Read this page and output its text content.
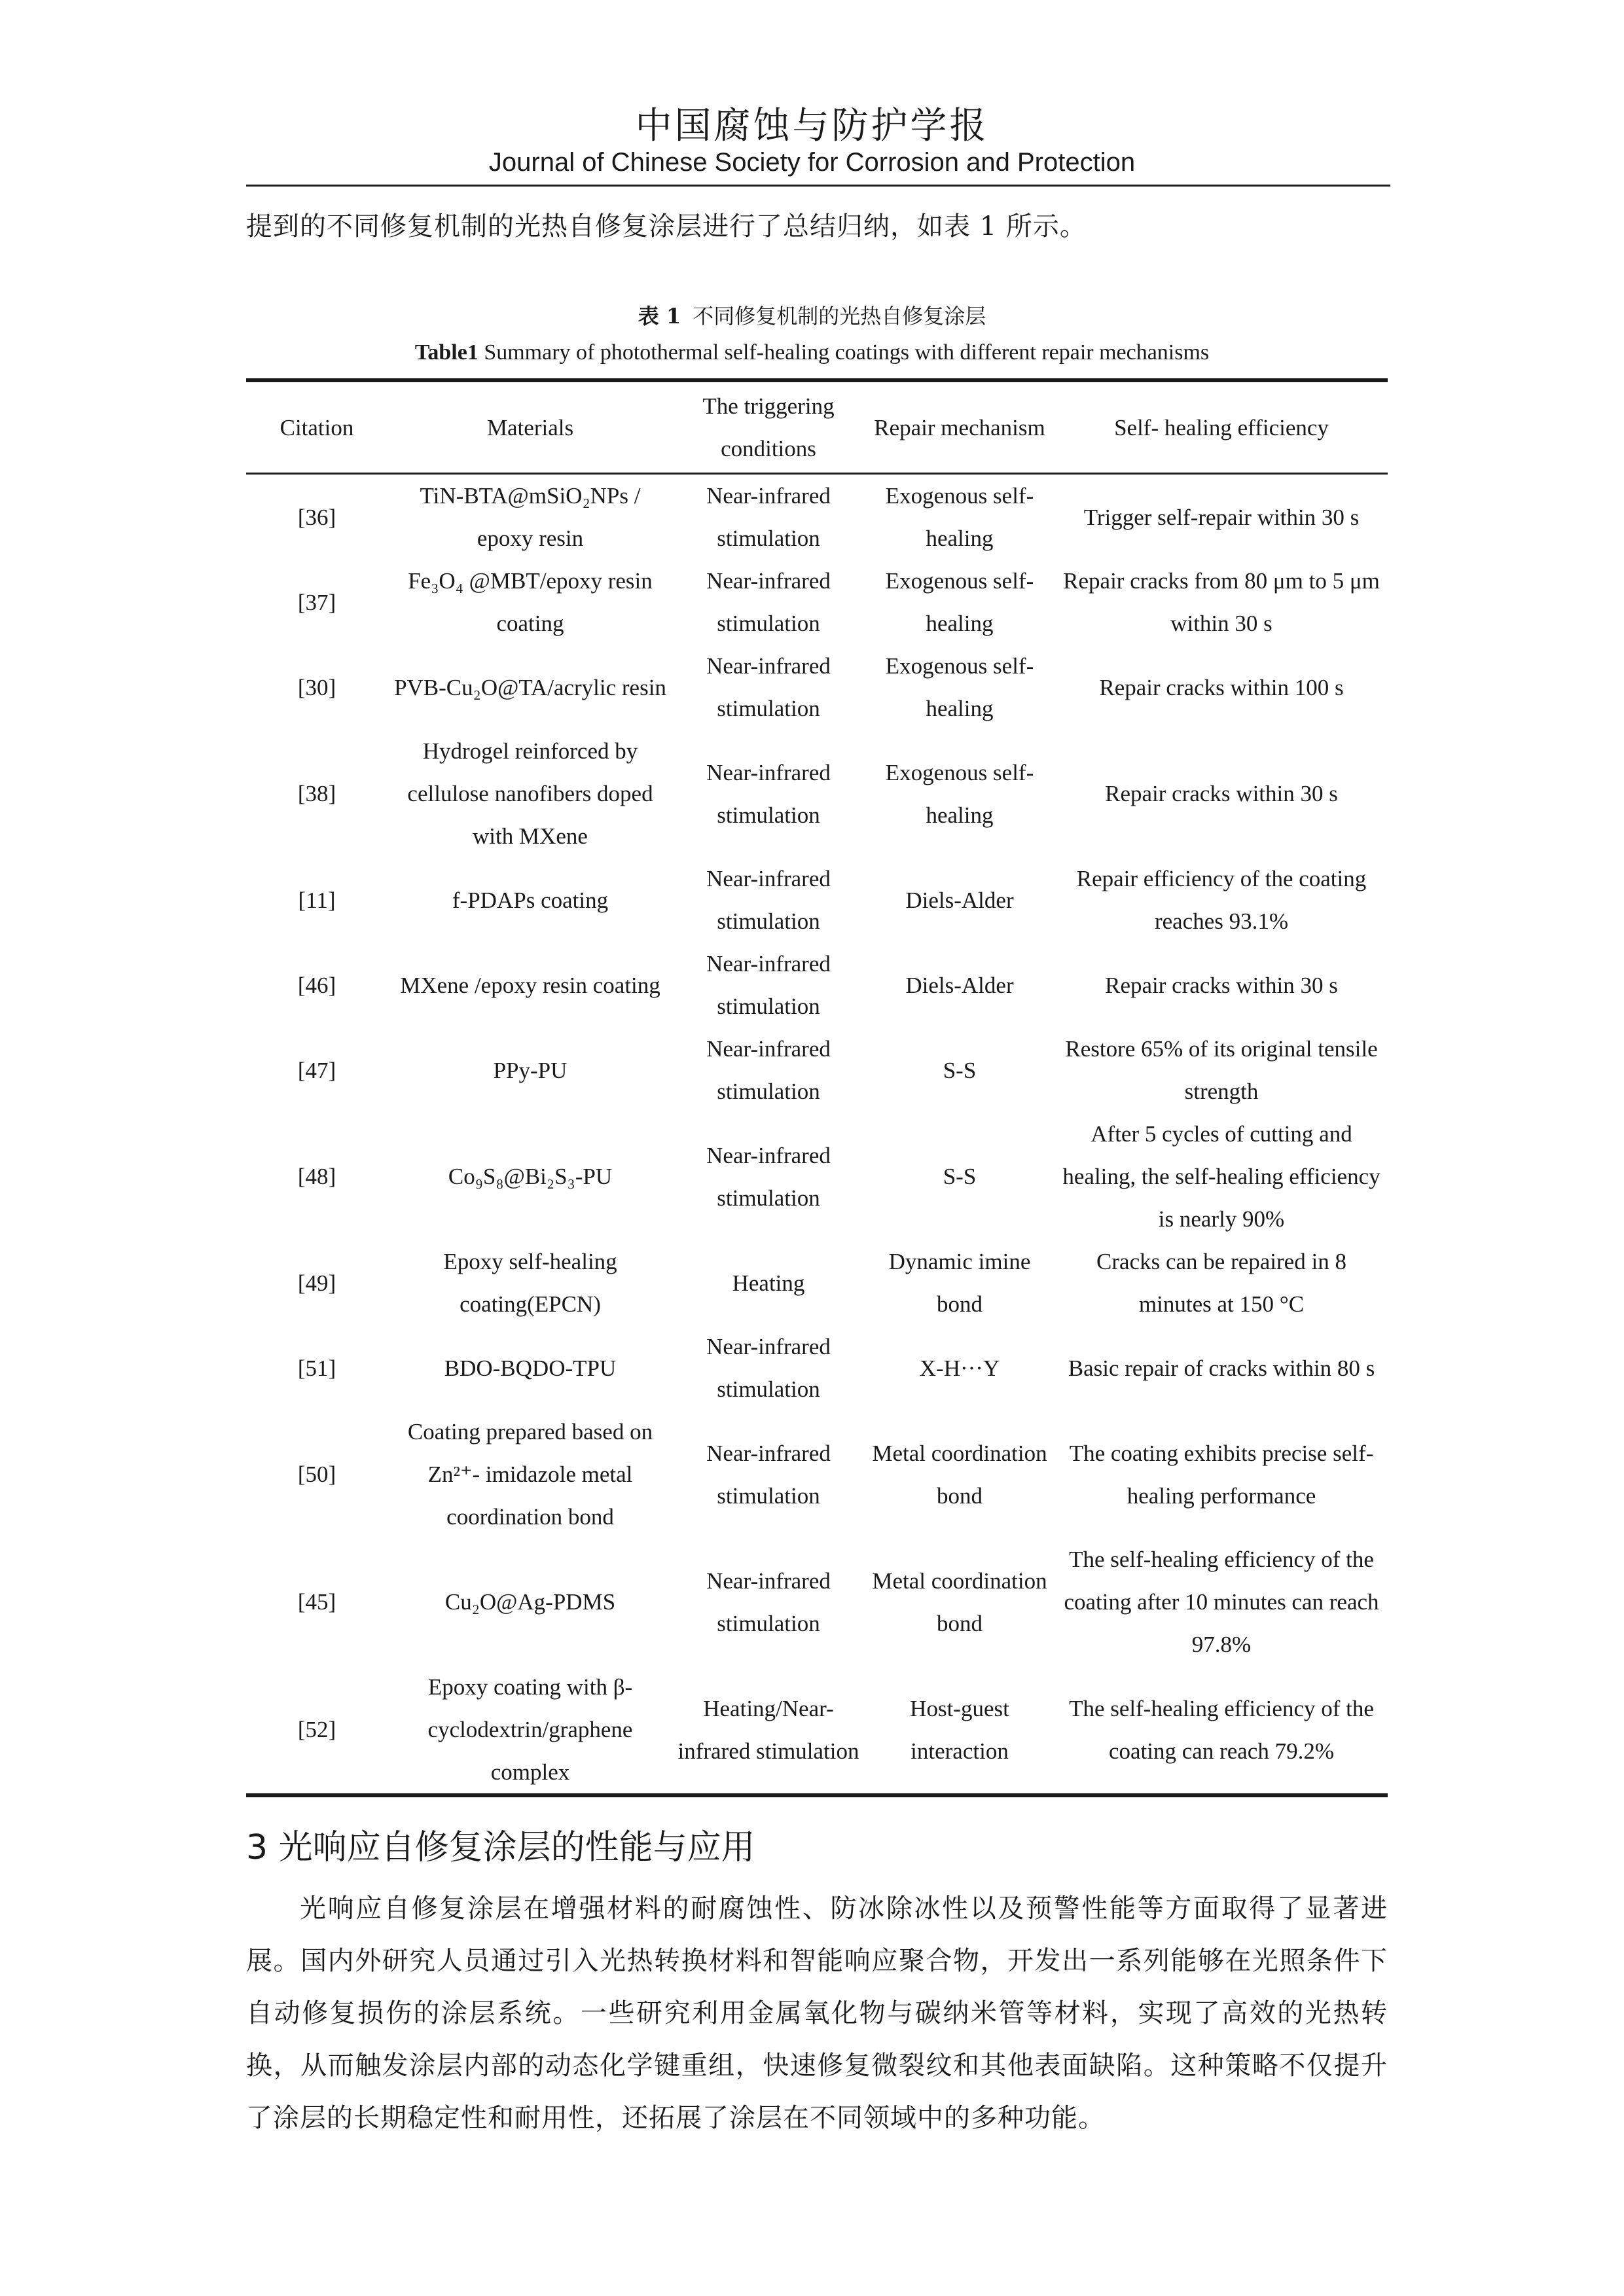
中国腐蚀与防护学报
Journal of Chinese Society for Corrosion and Protection
提到的不同修复机制的光热自修复涂层进行了总结归纳，如表 1 所示。
表 1 不同修复机制的光热自修复涂层
Table1 Summary of photothermal self-healing coatings with different repair mechanisms
Citation	Materials	The triggering conditions	Repair mechanism	Self- healing efficiency
[36]	TiN-BTA@mSiO₂NPs / epoxy resin	Near-infrared stimulation	Exogenous self-healing	Trigger self-repair within 30 s
[37]	Fe₃O₄ @MBT/epoxy resin coating	Near-infrared stimulation	Exogenous self-healing	Repair cracks from 80 μm to 5 μm within 30 s
[30]	PVB-Cu₂O@TA/acrylic resin	Near-infrared stimulation	Exogenous self-healing	Repair cracks within 100 s
[38]	Hydrogel reinforced by cellulose nanofibers doped with MXene	Near-infrared stimulation	Exogenous self-healing	Repair cracks within 30 s
[11]	f-PDAPs coating	Near-infrared stimulation	Diels-Alder	Repair efficiency of the coating reaches 93.1%
[46]	MXene /epoxy resin coating	Near-infrared stimulation	Diels-Alder	Repair cracks within 30 s
[47]	PPy-PU	Near-infrared stimulation	S-S	Restore 65% of its original tensile strength
[48]	Co₉S₈@Bi₂S₃-PU	Near-infrared stimulation	S-S	After 5 cycles of cutting and healing, the self-healing efficiency is nearly 90%
[49]	Epoxy self-healing coating(EPCN)	Heating	Dynamic imine bond	Cracks can be repaired in 8 minutes at 150 °C
[51]	BDO-BQDO-TPU	Near-infrared stimulation	X-H···Y	Basic repair of cracks within 80 s
[50]	Coating prepared based on Zn²⁺- imidazole metal coordination bond	Near-infrared stimulation	Metal coordination bond	The coating exhibits precise self-healing performance
[45]	Cu₂O@Ag-PDMS	Near-infrared stimulation	Metal coordination bond	The self-healing efficiency of the coating after 10 minutes can reach 97.8%
[52]	Epoxy coating with β-cyclodextrin/graphene complex	Heating/Near-infrared stimulation	Host-guest interaction	The self-healing efficiency of the coating can reach 79.2%
3 光响应自修复涂层的性能与应用
光响应自修复涂层在增强材料的耐腐蚀性、防冰除冰性以及预警性能等方面取得了显著进展。国内外研究人员通过引入光热转换材料和智能响应聚合物，开发出一系列能够在光照条件下自动修复损伤的涂层系统。一些研究利用金属氧化物与碳纳米管等材料，实现了高效的光热转换，从而触发涂层内部的动态化学键重组，快速修复微裂纹和其他表面缺陷。这种策略不仅提升了涂层的长期稳定性和耐用性，还拓展了涂层在不同领域中的多种功能。
